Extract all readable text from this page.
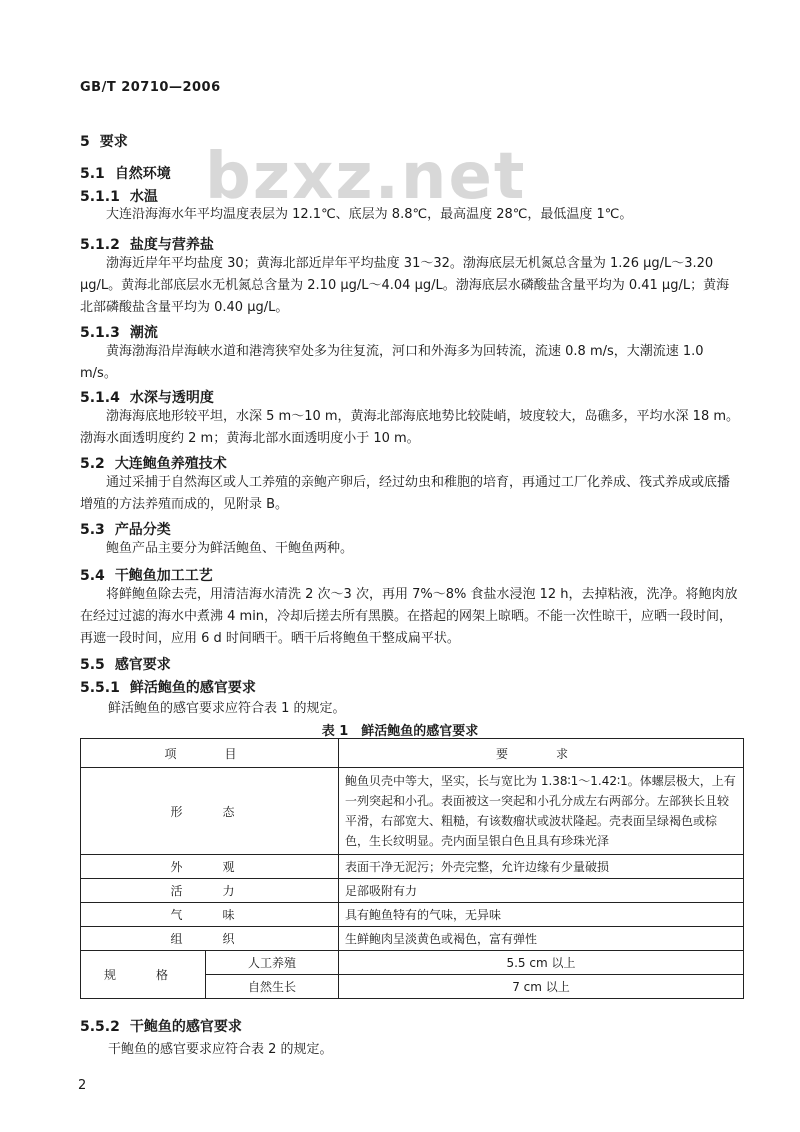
GB/T 20710—2006
bzxz.net
5 要求
5.1 自然环境
5.1.1 水温
大连沿海海水年平均温度表层为 12.1℃、底层为 8.8℃，最高温度 28℃，最低温度 1℃。
5.1.2 盐度与营养盐
渤海近岸年平均盐度 30；黄海北部近岸年平均盐度 31～32。渤海底层无机氮总含量为 1.26 μg/L～3.20 μg/L。黄海北部底层水无机氮总含量为 2.10 μg/L～4.04 μg/L。渤海底层水磷酸盐含量平均为 0.41 μg/L；黄海北部磷酸盐含量平均为 0.40 μg/L。
5.1.3 潮流
黄海渤海沿岸海峡水道和港湾狭窄处多为往复流，河口和外海多为回转流，流速 0.8 m/s，大潮流速 1.0 m/s。
5.1.4 水深与透明度
渤海海底地形较平坦，水深 5 m～10 m，黄海北部海底地势比较陡峭，坡度较大，岛礁多，平均水深 18 m。渤海水面透明度约 2 m；黄海北部水面透明度小于 10 m。
5.2 大连鲍鱼养殖技术
通过采捕于自然海区或人工养殖的亲鲍产卵后，经过幼虫和稚胞的培育，再通过工厂化养成、筏式养成或底播增殖的方法养殖而成的，见附录 B。
5.3 产品分类
鲍鱼产品主要分为鲜活鲍鱼、干鲍鱼两种。
5.4 干鲍鱼加工工艺
将鲜鲍鱼除去壳，用清洁海水清洗 2 次～3 次，再用 7%～8% 食盐水浸泡 12 h，去掉粘液，洗净。将鲍肉放在经过过滤的海水中煮沸 4 min，冷却后搓去所有黑膜。在搭起的网架上晾晒。不能一次性晾干，应晒一段时间，再遮一段时间，应用 6 d 时间晒干。晒干后将鲍鱼干整成扁平状。
5.5 感官要求
5.5.1 鲜活鲍鱼的感官要求
鲜活鲍鱼的感官要求应符合表 1 的规定。
表 1　鲜活鲍鱼的感官要求
项　目		要　求
形　态		鲍鱼贝壳中等大，坚实，长与宽比为 1.38∶1～1.42∶1。体螺层极大，上有一列突起和小孔。表面被这一突起和小孔分成左右两部分。左部狭长且较平滑，右部宽大、粗糙，有该数瘤状或波状隆起。壳表面呈绿褐色或棕色，生长纹明显。壳内面呈银白色且具有珍珠光泽
外　观		表面干净无泥污；外壳完整，允许边缘有少量破损
活　力		足部吸附有力
气　味		具有鲍鱼特有的气味，无异味
组　织		生鲜鲍肉呈淡黄色或褐色，富有弹性
规　格	人工养殖	5.5 cm 以上
	自然生长	7 cm 以上
5.5.2 干鲍鱼的感官要求
干鲍鱼的感官要求应符合表 2 的规定。
2
